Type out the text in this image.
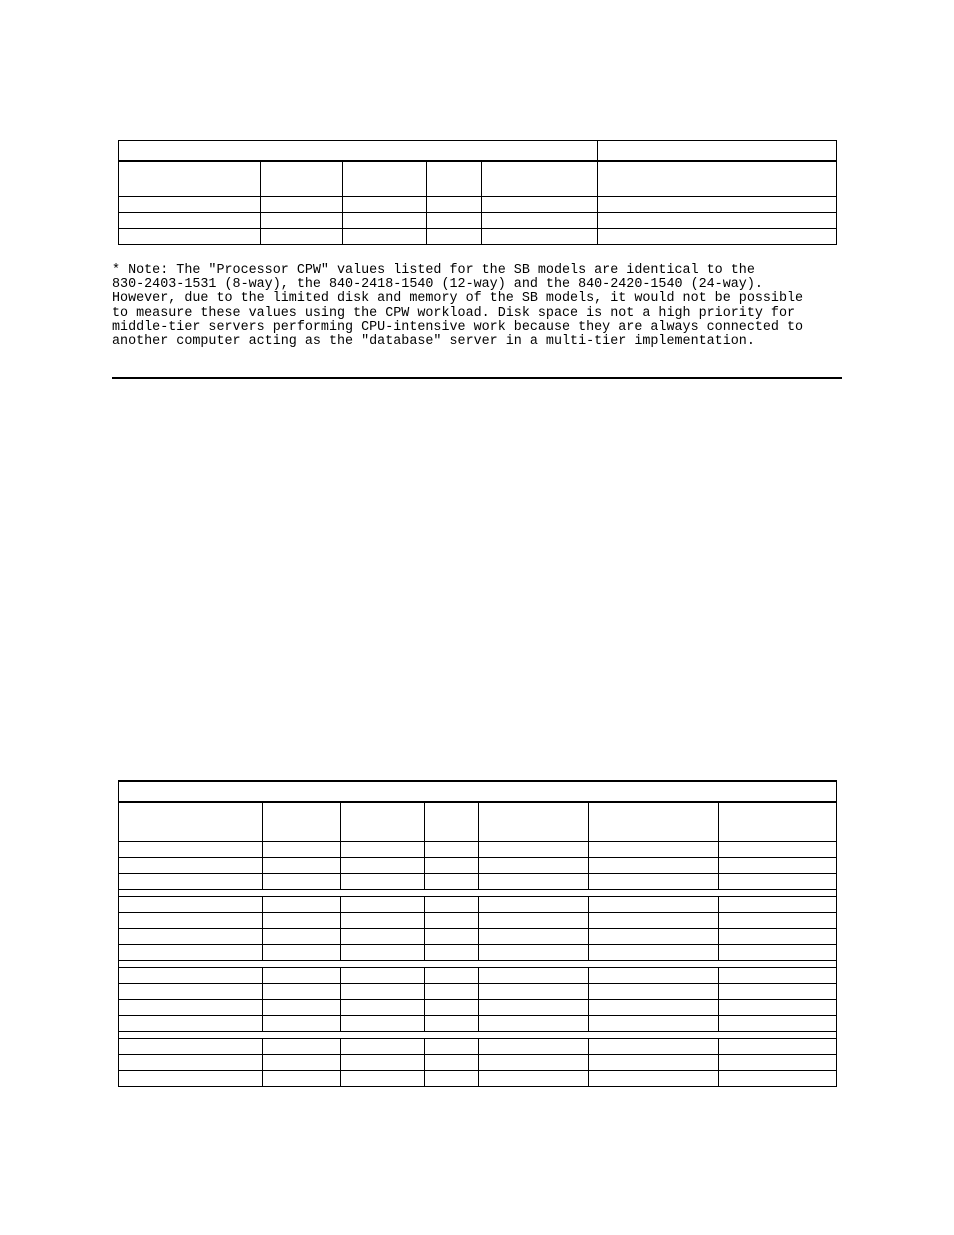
* Note: The "Processor CPW" values listed for the SB models are identical to the
830-2403-1531 (8-way), the 840-2418-1540 (12-way) and the 840-2420-1540 (24-way).
However, due to the limited disk and memory of the SB models, it would not be possible
to measure these values using the CPW workload. Disk space is not a high priority for
middle-tier servers performing CPU-intensive work because they are always connected to
another computer acting as the "database" server in a multi-tier implementation.
